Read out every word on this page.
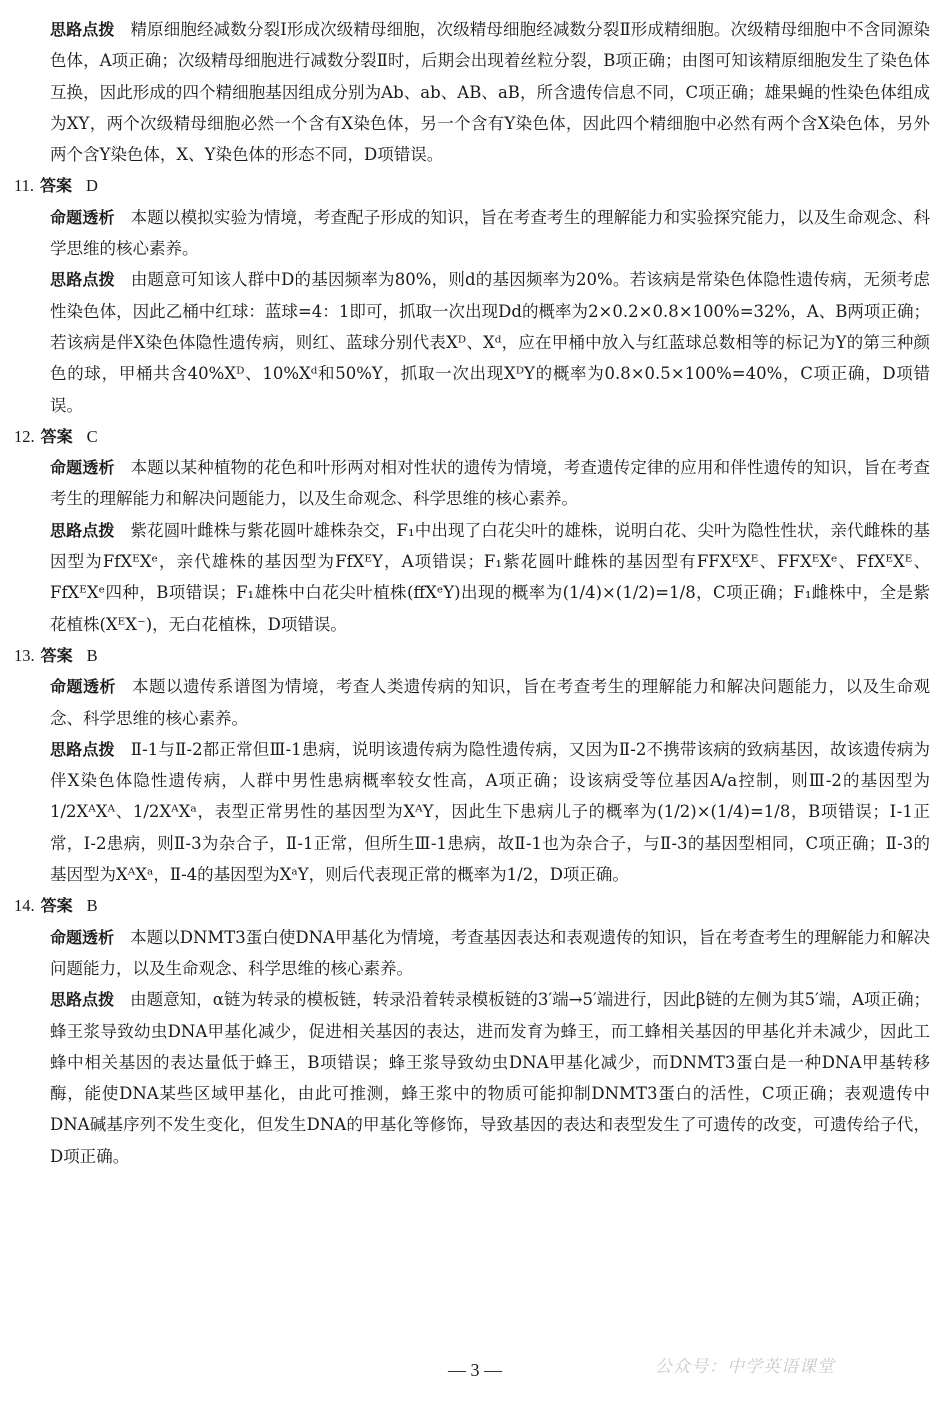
思路点拨 精原细胞经减数分裂Ⅰ形成次级精母细胞，次级精母细胞经减数分裂Ⅱ形成精细胞。次级精母细胞中不含同源染色体，A项正确；次级精母细胞进行减数分裂Ⅱ时，后期会出现着丝粒分裂，B项正确；由图可知该精原细胞发生了染色体互换，因此形成的四个精细胞基因组成分别为Ab、ab、AB、aB，所含遗传信息不同，C项正确；雄果蝇的性染色体组成为XY，两个次级精母细胞必然一个含有X染色体，另一个含有Y染色体，因此四个精细胞中必然有两个含X染色体，另外两个含Y染色体，X、Y染色体的形态不同，D项错误。

11. 答案 D

命题透析 本题以模拟实验为情境，考查配子形成的知识，旨在考查考生的理解能力和实验探究能力，以及生命观念、科学思维的核心素养。

思路点拨 由题意可知该人群中D的基因频率为80%，则d的基因频率为20%。若该病是常染色体隐性遗传病，无须考虑性染色体，因此乙桶中红球：蓝球=4：1即可，抓取一次出现Dd的概率为2×0.2×0.8×100%=32%，A、B两项正确；若该病是伴X染色体隐性遗传病，则红、蓝球分别代表Xᴰ、Xᵈ，应在甲桶中放入与红蓝球总数相等的标记为Y的第三种颜色的球，甲桶共含40%Xᴰ、10%Xᵈ和50%Y，抓取一次出现XᴰY的概率为0.8×0.5×100%=40%，C项正确，D项错误。

12. 答案 C

命题透析 本题以某种植物的花色和叶形两对相对性状的遗传为情境，考查遗传定律的应用和伴性遗传的知识，旨在考查考生的理解能力和解决问题能力，以及生命观念、科学思维的核心素养。

思路点拨 紫花圆叶雌株与紫花圆叶雄株杂交，F₁中出现了白花尖叶的雄株，说明白花、尖叶为隐性性状，亲代雌株的基因型为FfXᴱXᵉ，亲代雄株的基因型为FfXᴱY，A项错误；F₁紫花圆叶雌株的基因型有FFXᴱXᴱ、FFXᴱXᵉ、FfXᴱXᴱ、FfXᴱXᵉ四种，B项错误；F₁雄株中白花尖叶植株(ffXᵉY)出现的概率为(1/4)×(1/2)=1/8，C项正确；F₁雌株中，全是紫花植株(XᴱX⁻)，无白花植株，D项错误。

13. 答案 B

命题透析 本题以遗传系谱图为情境，考查人类遗传病的知识，旨在考查考生的理解能力和解决问题能力，以及生命观念、科学思维的核心素养。

思路点拨 Ⅱ-1与Ⅱ-2都正常但Ⅲ-1患病，说明该遗传病为隐性遗传病，又因为Ⅱ-2不携带该病的致病基因，故该遗传病为伴X染色体隐性遗传病，人群中男性患病概率较女性高，A项正确；设该病受等位基因A/a控制，则Ⅲ-2的基因型为1/2XᴬXᴬ、1/2XᴬXᵃ，表型正常男性的基因型为XᴬY，因此生下患病儿子的概率为(1/2)×(1/4)=1/8，B项错误；Ⅰ-1正常，Ⅰ-2患病，则Ⅱ-3为杂合子，Ⅱ-1正常，但所生Ⅲ-1患病，故Ⅱ-1也为杂合子，与Ⅱ-3的基因型相同，C项正确；Ⅱ-3的基因型为XᴬXᵃ，Ⅱ-4的基因型为XᵃY，则后代表现正常的概率为1/2，D项正确。

14. 答案 B

命题透析 本题以DNMT3蛋白使DNA甲基化为情境，考查基因表达和表观遗传的知识，旨在考查考生的理解能力和解决问题能力，以及生命观念、科学思维的核心素养。

思路点拨 由题意知，α链为转录的模板链，转录沿着转录模板链的3′端→5′端进行，因此β链的左侧为其5′端，A项正确；蜂王浆导致幼虫DNA甲基化减少，促进相关基因的表达，进而发育为蜂王，而工蜂相关基因的甲基化并未减少，因此工蜂中相关基因的表达量低于蜂王，B项错误；蜂王浆导致幼虫DNA甲基化减少，而DNMT3蛋白是一种DNA甲基转移酶，能使DNA某些区域甲基化，由此可推测，蜂王浆中的物质可能抑制DNMT3蛋白的活性，C项正确；表观遗传中DNA碱基序列不发生变化，但发生DNA的甲基化等修饰，导致基因的表达和表型发生了可遗传的改变，可遗传给子代，D项正确。

— 3 —	公众号：中学英语课堂
